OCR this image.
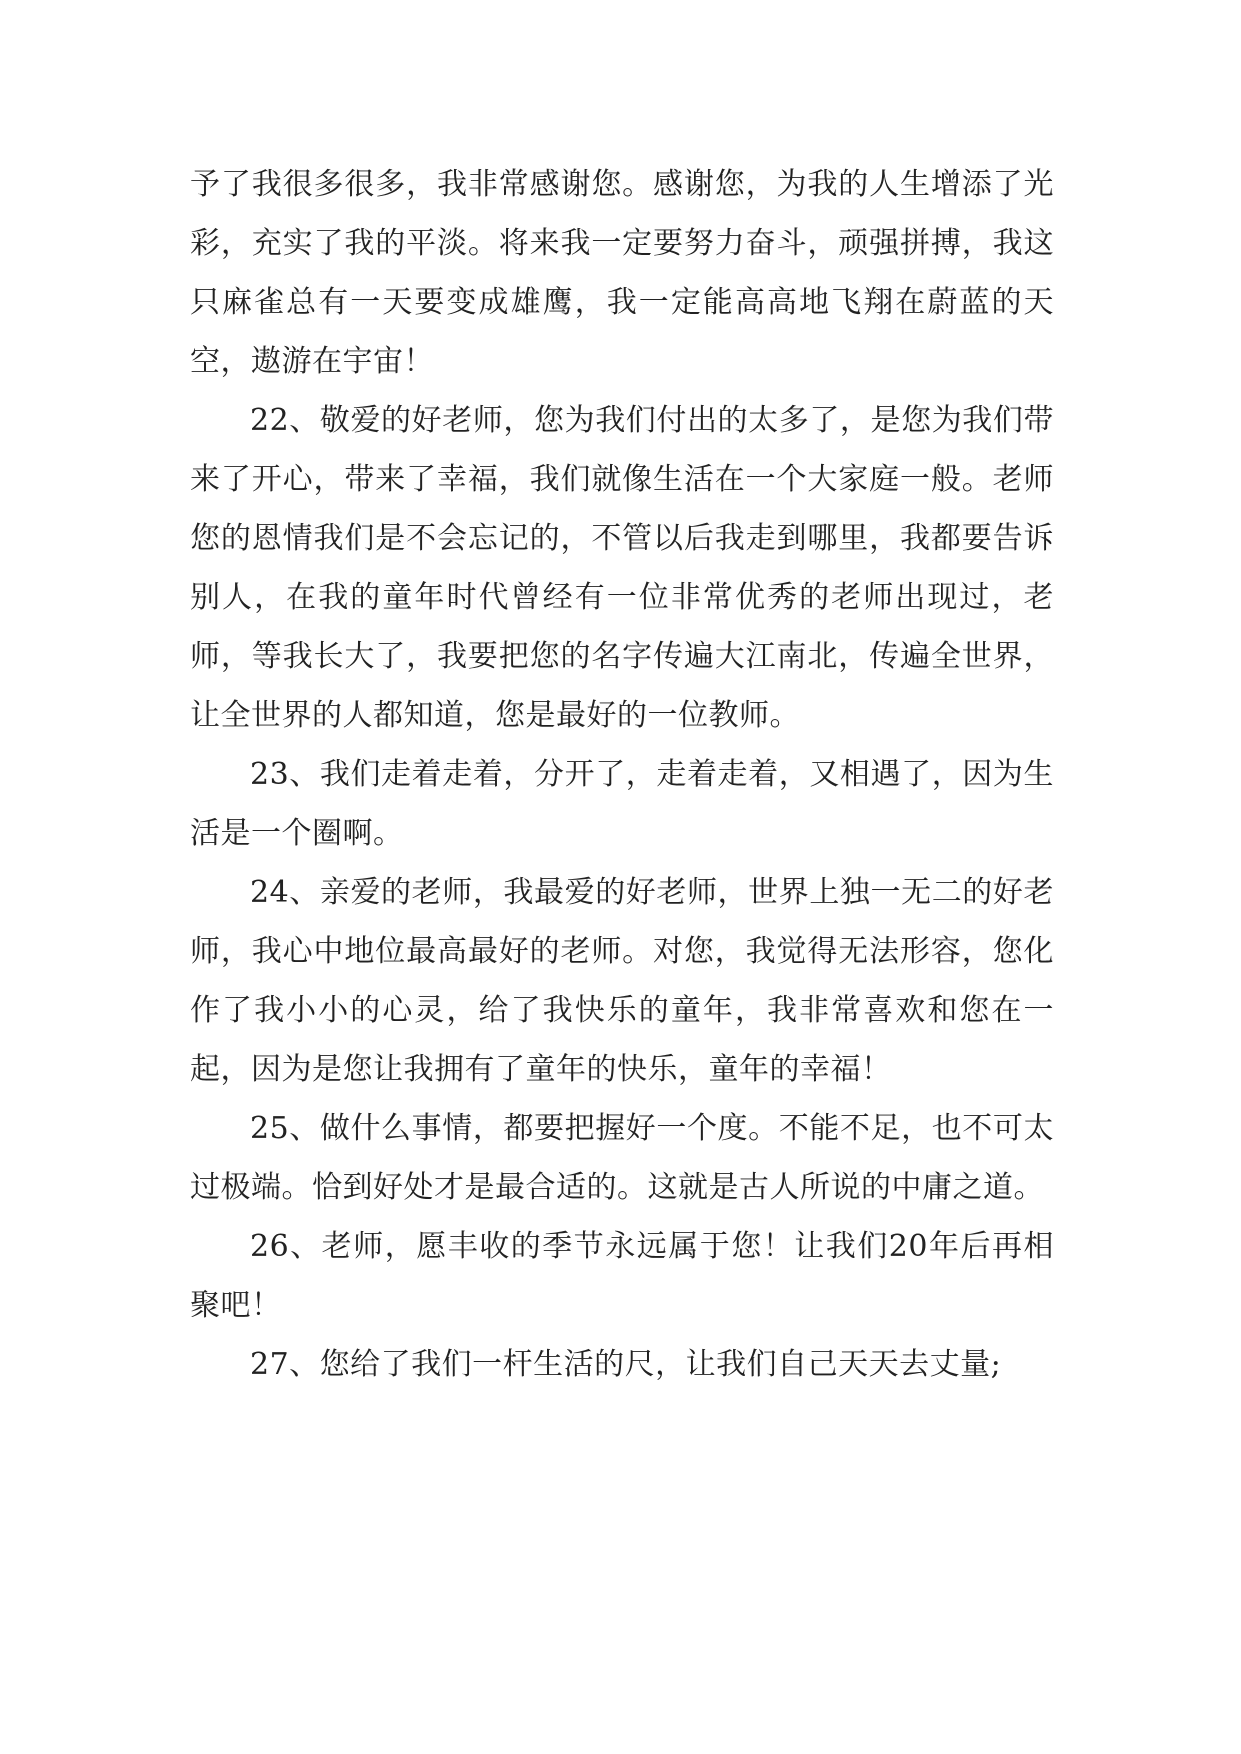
予了我很多很多，我非常感谢您。感谢您，为我的人生增添了光彩，充实了我的平淡。将来我一定要努力奋斗，顽强拼搏，我这只麻雀总有一天要变成雄鹰，我一定能高高地飞翔在蔚蓝的天空，遨游在宇宙！

22、敬爱的好老师，您为我们付出的太多了，是您为我们带来了开心，带来了幸福，我们就像生活在一个大家庭一般。老师您的恩情我们是不会忘记的，不管以后我走到哪里，我都要告诉别人，在我的童年时代曾经有一位非常优秀的老师出现过，老师，等我长大了，我要把您的名字传遍大江南北，传遍全世界，让全世界的人都知道，您是最好的一位教师。

23、我们走着走着，分开了，走着走着，又相遇了，因为生活是一个圈啊。

24、亲爱的老师，我最爱的好老师，世界上独一无二的好老师，我心中地位最高最好的老师。对您，我觉得无法形容，您化作了我小小的心灵，给了我快乐的童年，我非常喜欢和您在一起，因为是您让我拥有了童年的快乐，童年的幸福！

25、做什么事情，都要把握好一个度。不能不足，也不可太过极端。恰到好处才是最合适的。这就是古人所说的中庸之道。

26、老师，愿丰收的季节永远属于您！让我们20年后再相聚吧！

27、您给了我们一杆生活的尺，让我们自己天天去丈量;
